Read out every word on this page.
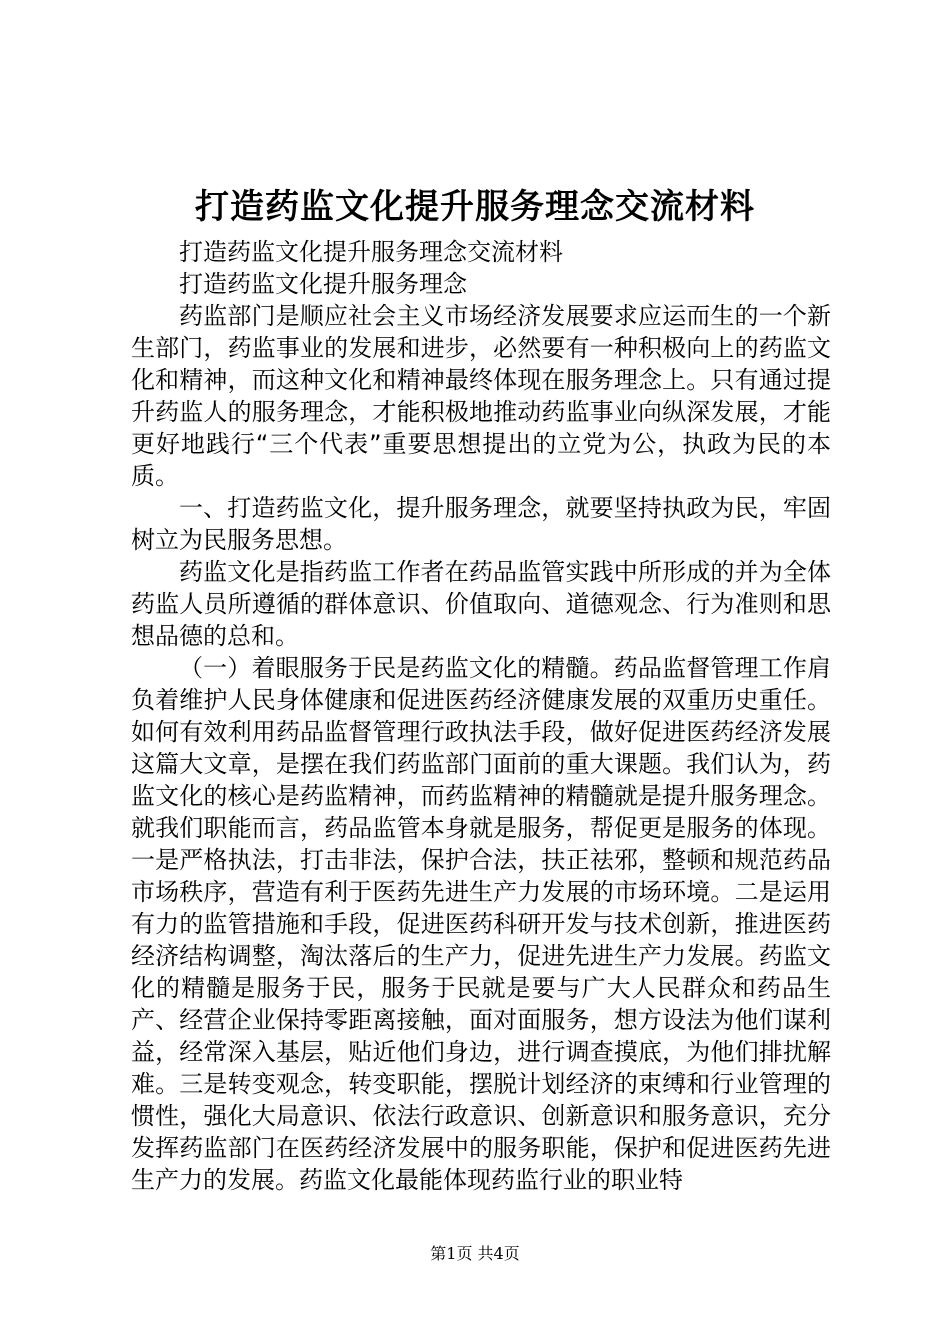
打造药监文化提升服务理念交流材料

打造药监文化提升服务理念交流材料

打造药监文化提升服务理念

药监部门是顺应社会主义市场经济发展要求应运而生的一个新生部门，药监事业的发展和进步，必然要有一种积极向上的药监文化和精神，而这种文化和精神最终体现在服务理念上。只有通过提升药监人的服务理念，才能积极地推动药监事业向纵深发展，才能更好地践行“三个代表”重要思想提出的立党为公，执政为民的本质。

一、打造药监文化，提升服务理念，就要坚持执政为民，牢固树立为民服务思想。

药监文化是指药监工作者在药品监管实践中所形成的并为全体药监人员所遵循的群体意识、价值取向、道德观念、行为准则和思想品德的总和。

（一）着眼服务于民是药监文化的精髓。药品监督管理工作肩负着维护人民身体健康和促进医药经济健康发展的双重历史重任。如何有效利用药品监督管理行政执法手段，做好促进医药经济发展这篇大文章，是摆在我们药监部门面前的重大课题。我们认为，药监文化的核心是药监精神，而药监精神的精髓就是提升服务理念。就我们职能而言，药品监管本身就是服务，帮促更是服务的体现。一是严格执法，打击非法，保护合法，扶正祛邪，整顿和规范药品市场秩序，营造有利于医药先进生产力发展的市场环境。二是运用有力的监管措施和手段，促进医药科研开发与技术创新，推进医药经济结构调整，淘汰落后的生产力，促进先进生产力发展。药监文化的精髓是服务于民，服务于民就是要与广大人民群众和药品生产、经营企业保持零距离接触，面对面服务，想方设法为他们谋利益，经常深入基层，贴近他们身边，进行调查摸底，为他们排扰解难。三是转变观念，转变职能，摆脱计划经济的束缚和行业管理的惯性，强化大局意识、依法行政意识、创新意识和服务意识，充分发挥药监部门在医药经济发展中的服务职能，保护和促进医药先进生产力的发展。药监文化最能体现药监行业的职业特

第1页 共4页
